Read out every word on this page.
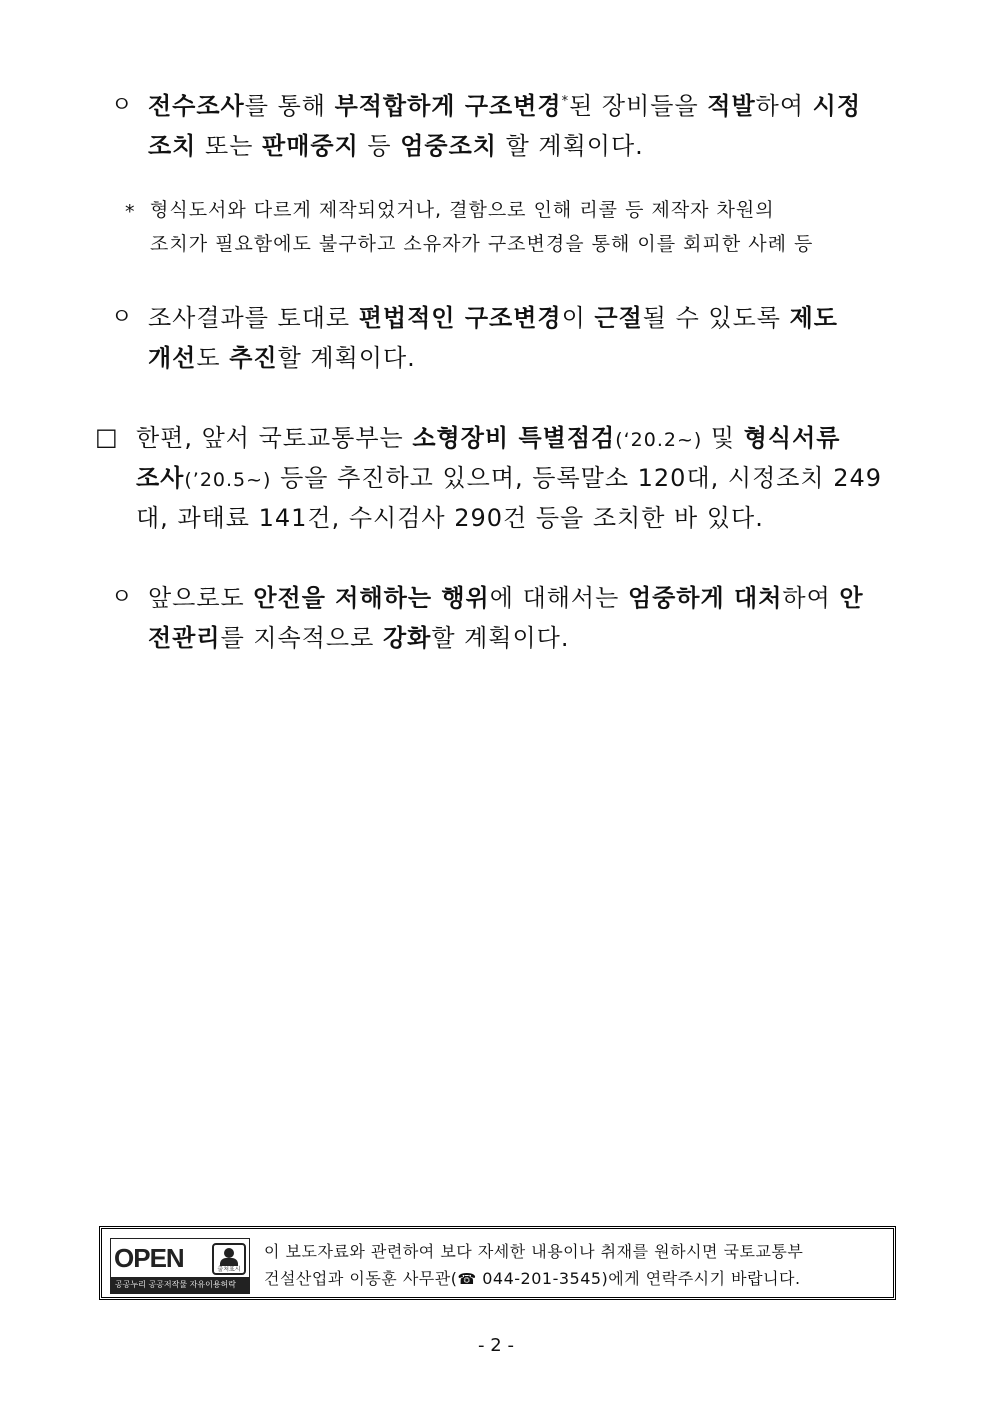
ㅇ 전수조사를 통해 부적합하게 구조변경*된 장비들을 적발하여 시정
조치 또는 판매중지 등 엄중조치 할 계획이다.
* 형식도서와 다르게 제작되었거나, 결함으로 인해 리콜 등 제작자 차원의
조치가 필요함에도 불구하고 소유자가 구조변경을 통해 이를 회피한 사례 등
ㅇ 조사결과를 토대로 편법적인 구조변경이 근절될 수 있도록 제도
개선도 추진할 계획이다.
□ 한편, 앞서 국토교통부는 소형장비 특별점검(‘20.2~) 및 형식서류
조사(’20.5~) 등을 추진하고 있으며, 등록말소 120대, 시정조치 249
대, 과태료 141건, 수시검사 290건 등을 조치한 바 있다.
ㅇ 앞으로도 안전을 저해하는 행위에 대해서는 엄중하게 대처하여 안
전관리를 지속적으로 강화할 계획이다.
OPEN	출처표시
공공누리 공공저작물 자유이용허락
이 보도자료와 관련하여 보다 자세한 내용이나 취재를 원하시면 국토교통부
건설산업과 이동훈 사무관(☎ 044-201-3545)에게 연락주시기 바랍니다.
- 2 -
